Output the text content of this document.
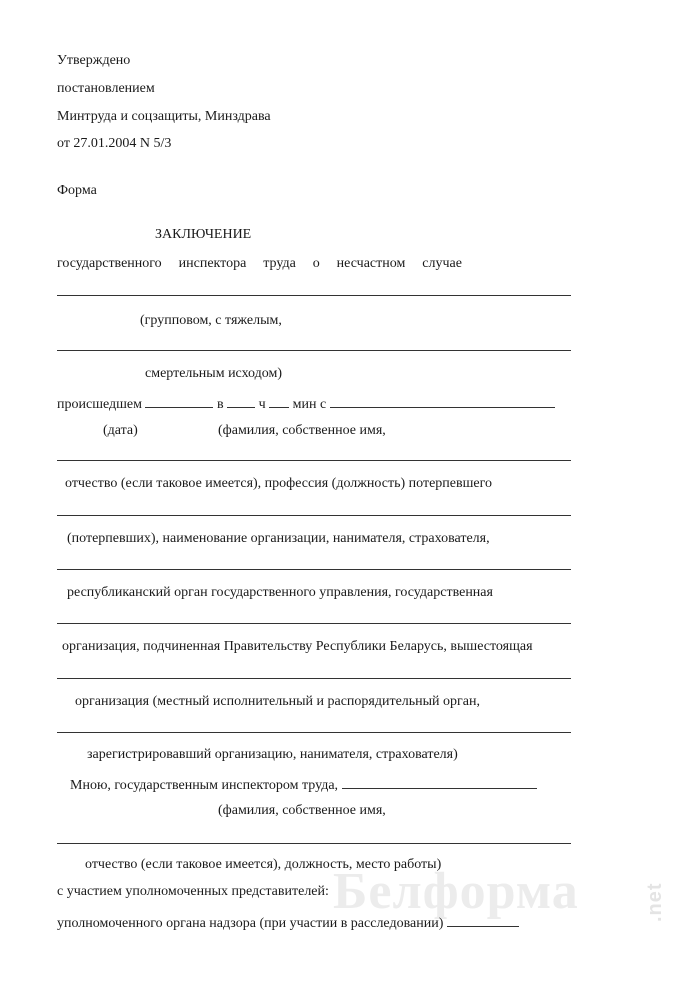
Утверждено
постановлением
Минтруда и соцзащиты, Минздрава
от 27.01.2004 N 5/3
Форма
ЗАКЛЮЧЕНИЕ
государственного инспектора труда о несчастном случае
(групповом, с тяжелым,
смертельным исходом)
происшедшем	в	ч мин с
(дата)	(фамилия, собственное имя,
отчество (если таковое имеется), профессия (должность) потерпевшего
(потерпевших), наименование организации, нанимателя, страхователя,
республиканский орган государственного управления, государственная
организация, подчиненная Правительству Республики Беларусь, вышестоящая
организация (местный исполнительный и распорядительный орган,
зарегистрировавший организацию, нанимателя, страхователя)
Мною, государственным инспектором труда,
(фамилия, собственное имя,
отчество (если таковое имеется), должность, место работы)
Белформа	.net
с участием уполномоченных представителей:
уполномоченного органа надзора (при участии в расследовании)
